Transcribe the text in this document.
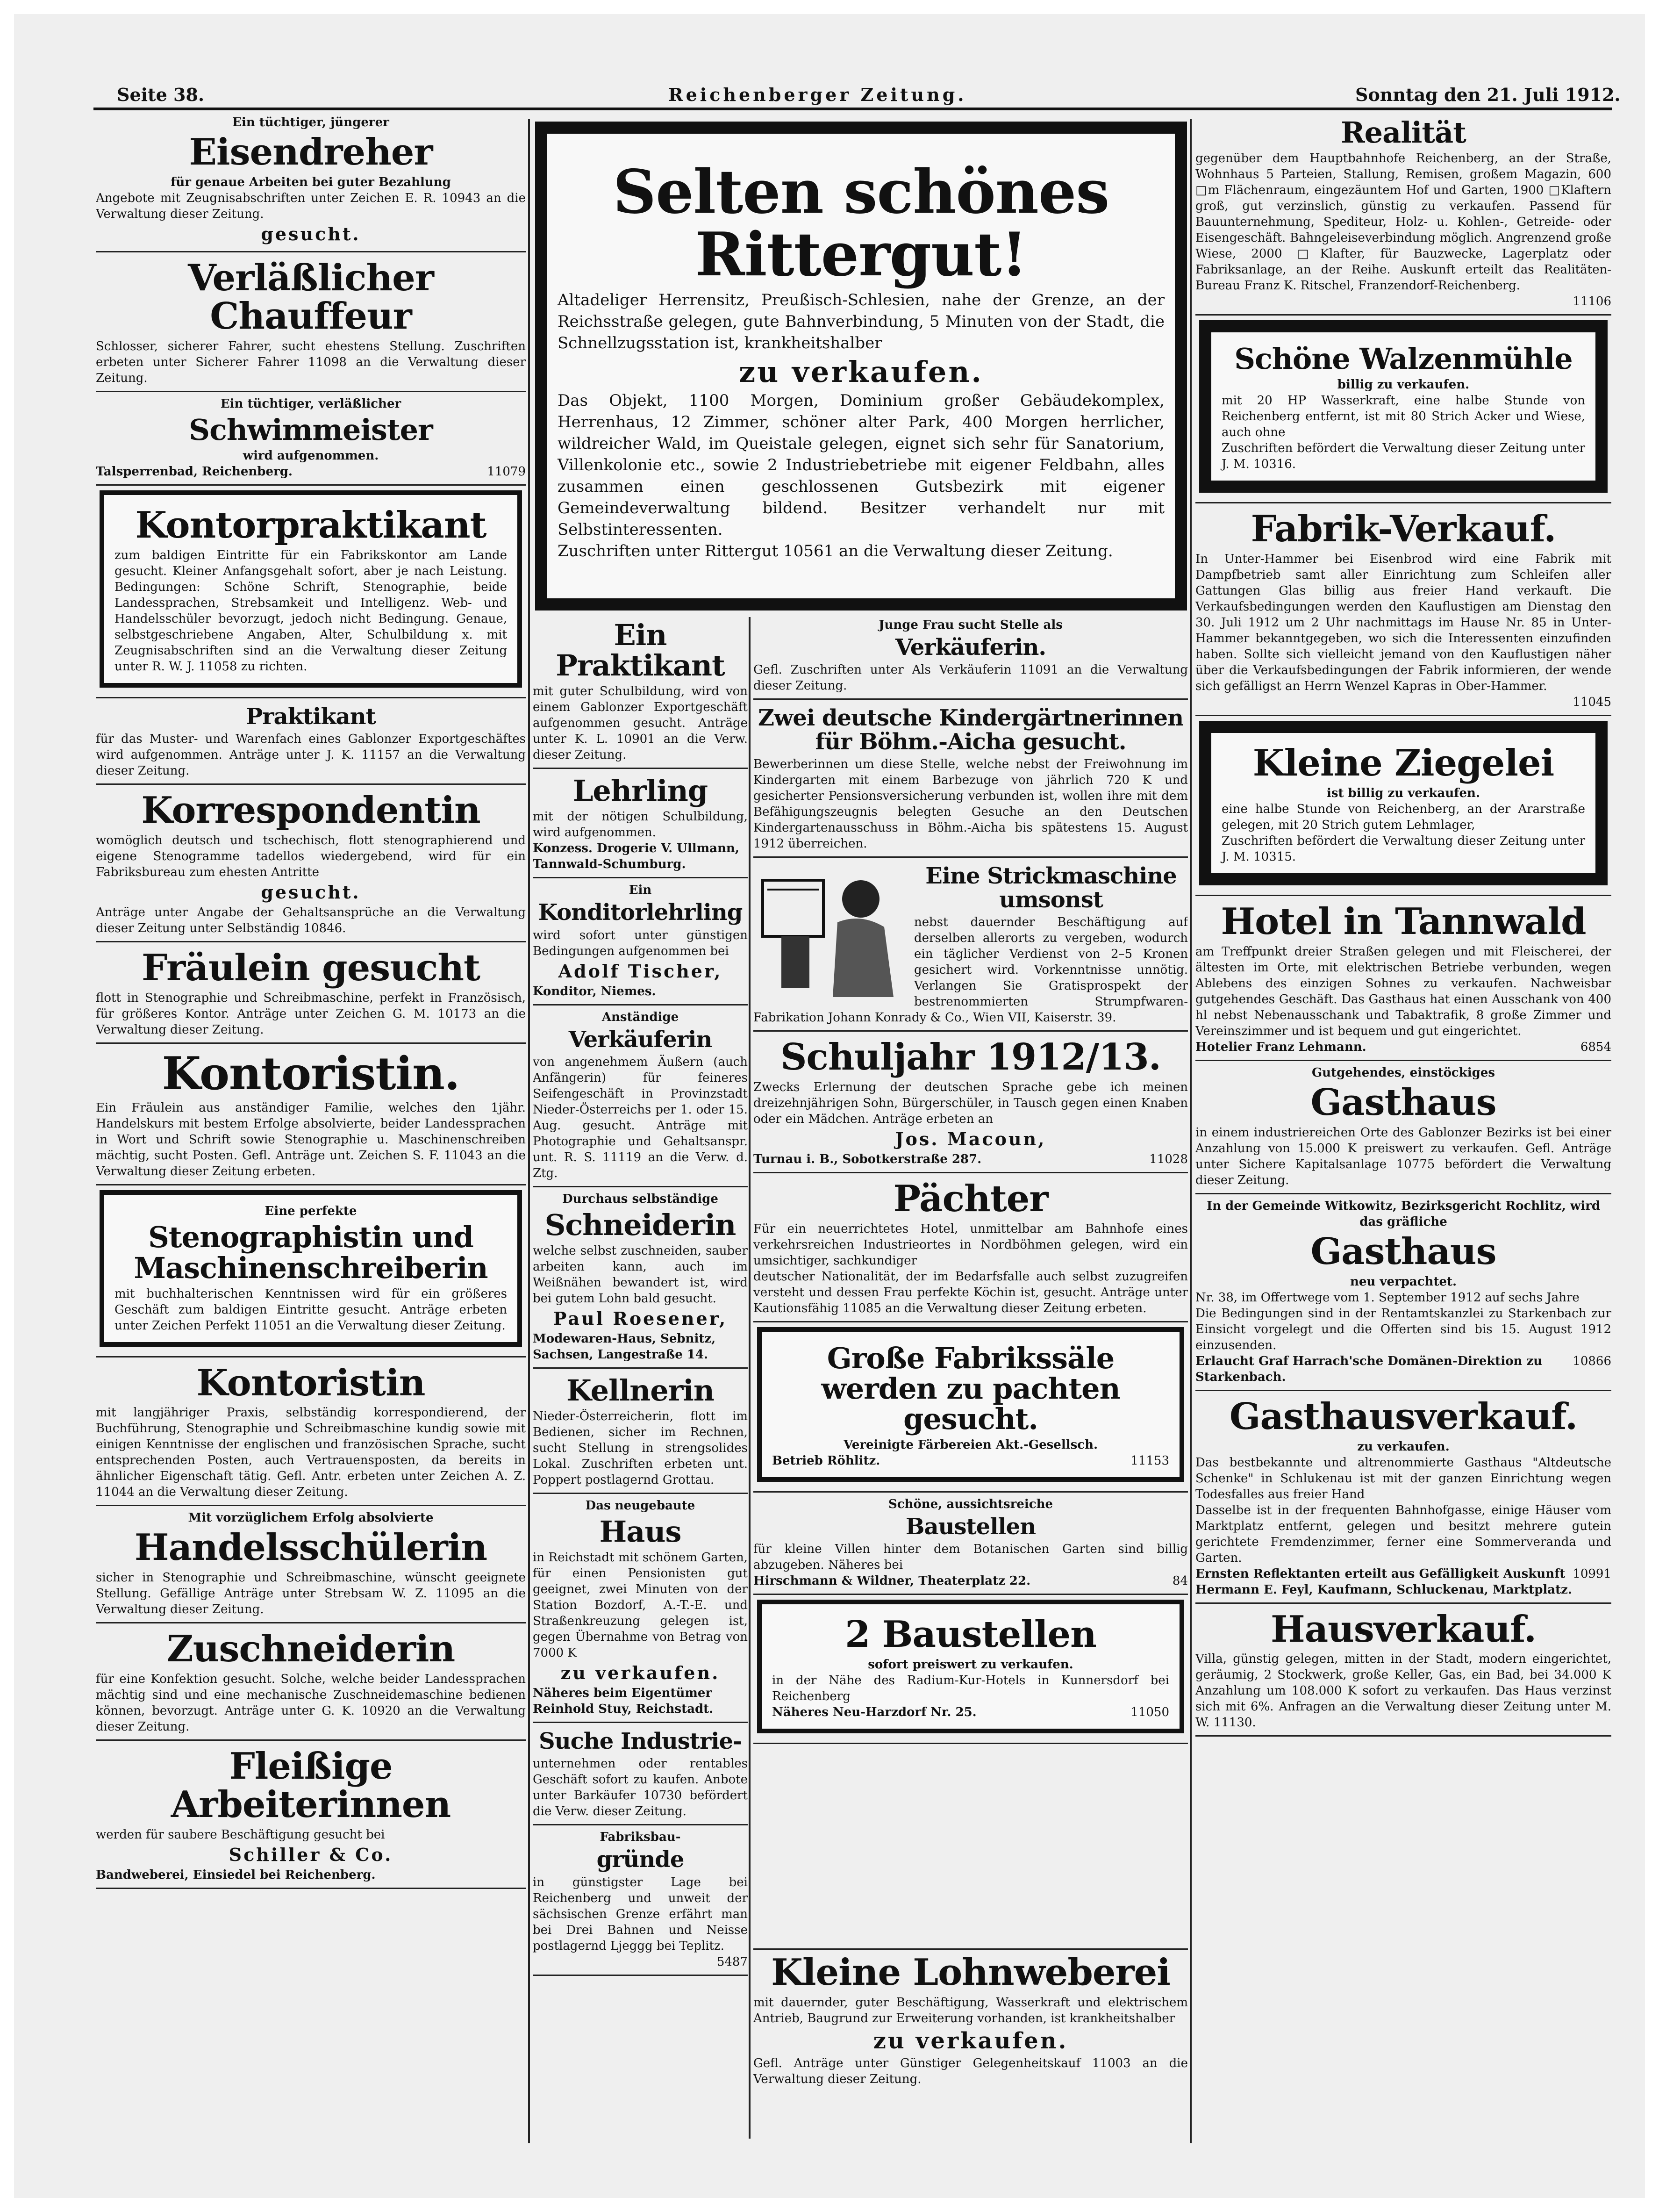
Seite 38.	Reichenberger Zeitung.	Sonntag den 21. Juli 1912.

Ein tüchtiger, jüngerer

Eisendreher

für genaue Arbeiten bei guter Bezahlung

Angebote mit Zeugnisabschriften unter Zeichen E. R. 10943 an die Verwaltung dieser Zeitung.

gesucht.
Verläßlicher Chauffeur

Schlosser, sicherer Fahrer, sucht ehestens Stellung. Zuschriften erbeten unter Sicherer Fahrer 11098 an die Verwaltung dieser Zeitung.

Ein tüchtiger, verläßlicher

Schwimmeister

wird aufgenommen.

Talsperrenbad, Reichenberg.	11079
Kontorpraktikant

zum baldigen Eintritte für ein Fabrikskontor am Lande gesucht. Kleiner Anfangsgehalt sofort, aber je nach Leistung. Bedingungen: Schöne Schrift, Stenographie, beide Landessprachen, Strebsamkeit und Intelligenz. Web- und Handelsschüler bevorzugt, jedoch nicht Bedingung. Genaue, selbstgeschriebene Angaben, Alter, Schulbildung x. mit Zeugnisabschriften sind an die Verwaltung dieser Zeitung unter R. W. J. 11058 zu richten.

Praktikant

für das Muster- und Warenfach eines Gablonzer Exportgeschäftes wird aufgenommen. Anträge unter J. K. 11157 an die Verwaltung dieser Zeitung.

Korrespondentin

womöglich deutsch und tschechisch, flott stenographierend und eigene Stenogramme tadellos wiedergebend, wird für ein Fabriksbureau zum ehesten Antritte

gesucht.

Anträge unter Angabe der Gehaltsansprüche an die Verwaltung dieser Zeitung unter Selbständig 10846.

Fräulein gesucht

flott in Stenographie und Schreibmaschine, perfekt in Französisch, für größeres Kontor. Anträge unter Zeichen G. M. 10173 an die Verwaltung dieser Zeitung.

Kontoristin.

Ein Fräulein aus anständiger Familie, welches den 1jähr. Handelskurs mit bestem Erfolge absolvierte, beider Landessprachen in Wort und Schrift sowie Stenographie u. Maschinenschreiben mächtig, sucht Posten. Gefl. Anträge unt. Zeichen S. F. 11043 an die Verwaltung dieser Zeitung erbeten.

Eine perfekte

Stenographistin und Maschinenschreiberin

mit buchhalterischen Kenntnissen wird für ein größeres Geschäft zum baldigen Eintritte gesucht. Anträge erbeten unter Zeichen Perfekt 11051 an die Verwaltung dieser Zeitung.

Kontoristin

mit langjähriger Praxis, selbständig korrespondierend, der Buchführung, Stenographie und Schreibmaschine kundig sowie mit einigen Kenntnisse der englischen und französischen Sprache, sucht entsprechenden Posten, auch Vertrauensposten, da bereits in ähnlicher Eigenschaft tätig. Gefl. Antr. erbeten unter Zeichen A. Z. 11044 an die Verwaltung dieser Zeitung.

Mit vorzüglichem Erfolg absolvierte

Handelsschülerin

sicher in Stenographie und Schreibmaschine, wünscht geeignete Stellung. Gefällige Anträge unter Strebsam W. Z. 11095 an die Verwaltung dieser Zeitung.

Zuschneiderin

für eine Konfektion gesucht. Solche, welche beider Landessprachen mächtig sind und eine mechanische Zuschneidemaschine bedienen können, bevorzugt. Anträge unter G. K. 10920 an die Verwaltung dieser Zeitung.

Fleißige Arbeiterinnen

werden für saubere Beschäftigung gesucht bei

Schiller & Co.
Bandweberei, Einsiedel bei Reichenberg.
Selten schönes Rittergut!

Altadeliger Herrensitz, Preußisch-Schlesien, nahe der Grenze, an der Reichsstraße gelegen, gute Bahnverbindung, 5 Minuten von der Stadt, die Schnellzugsstation ist, krankheitshalber

zu verkaufen.

Das Objekt, 1100 Morgen, Dominium großer Gebäudekomplex, Herrenhaus, 12 Zimmer, schöner alter Park, 400 Morgen herrlicher, wildreicher Wald, im Queistale gelegen, eignet sich sehr für Sanatorium, Villenkolonie etc., sowie 2 Industriebetriebe mit eigener Feldbahn, alles zusammen einen geschlossenen Gutsbezirk mit eigener Gemeindeverwaltung bildend. Besitzer verhandelt nur mit Selbstinteressenten.

Zuschriften unter Rittergut 10561 an die Verwaltung dieser Zeitung.

Ein Praktikant

mit guter Schulbildung, wird von einem Gablonzer Exportgeschäft aufgenommen gesucht. Anträge unter K. L. 10901 an die Verw. dieser Zeitung.

Lehrling

mit der nötigen Schulbildung, wird aufgenommen.

Konzess. Drogerie V. Ullmann, Tannwald-Schumburg.

Ein

Konditorlehrling

wird sofort unter günstigen Bedingungen aufgenommen bei

Adolf Tischer,
Konditor, Niemes.

Anständige

Verkäuferin

von angenehmem Äußern (auch Anfängerin) für feineres Seifengeschäft in Provinzstadt Nieder-Österreichs per 1. oder 15. Aug. gesucht. Anträge mit Photographie und Gehaltsanspr. unt. R. S. 11119 an die Verw. d. Ztg.

Durchaus selbständige

Schneiderin

welche selbst zuschneiden, sauber arbeiten kann, auch im Weißnähen bewandert ist, wird bei gutem Lohn bald gesucht.

Paul Roesener,
Modewaren-Haus, Sebnitz, Sachsen, Langestraße 14.
Kellnerin

Nieder-Österreicherin, flott im Bedienen, sicher im Rechnen, sucht Stellung in strengsolides Lokal. Zuschriften erbeten unt. Poppert postlagernd Grottau.

Das neugebaute

Haus

in Reichstadt mit schönem Garten, für einen Pensionisten gut geeignet, zwei Minuten von der Station Bozdorf, A.-T.-E. und Straßenkreuzung gelegen ist, gegen Übernahme von Betrag von 7000 K

zu verkaufen.
Näheres beim Eigentümer Reinhold Stuy, Reichstadt.
Suche Industrie-

unternehmen oder rentables Geschäft sofort zu kaufen. Anbote unter Barkäufer 10730 befördert die Verw. dieser Zeitung.

Fabriksbau-

gründe

in günstigster Lage bei Reichenberg und unweit der sächsischen Grenze erfährt man bei Drei Bahnen und Neisse postlagernd Ljeggg bei Teplitz.

5487

Junge Frau sucht Stelle als

Verkäuferin.

Gefl. Zuschriften unter Als Verkäuferin 11091 an die Verwaltung dieser Zeitung.

Zwei deutsche Kindergärtnerinnen für Böhm.-Aicha gesucht.

Bewerberinnen um diese Stelle, welche nebst der Freiwohnung im Kindergarten mit einem Barbezuge von jährlich 720 K und gesicherter Pensionsversicherung verbunden ist, wollen ihre mit dem Befähigungszeugnis belegten Gesuche an den Deutschen Kindergartenausschuss in Böhm.-Aicha bis spätestens 15. August 1912 überreichen.

Eine Strickmaschine umsonst

nebst dauernder Beschäftigung auf derselben allerorts zu vergeben, wodurch ein täglicher Verdienst von 2–5 Kronen gesichert wird. Vorkenntnisse unnötig. Verlangen Sie Gratisprospekt der bestrenommierten Strumpfwaren-Fabrikation Johann Konrady & Co., Wien VII, Kaiserstr. 39.

Schuljahr 1912/13.

Zwecks Erlernung der deutschen Sprache gebe ich meinen dreizehnjährigen Sohn, Bürgerschüler, in Tausch gegen einen Knaben oder ein Mädchen. Anträge erbeten an

Jos. Macoun,
Turnau i. B., Sobotkerstraße 287.	11028
Pächter

Für ein neuerrichtetes Hotel, unmittelbar am Bahnhofe eines verkehrsreichen Industrieortes in Nordböhmen gelegen, wird ein umsichtiger, sachkundiger

deutscher Nationalität, der im Bedarfsfalle auch selbst zuzugreifen versteht und dessen Frau perfekte Köchin ist, gesucht. Anträge unter Kautionsfähig 11085 an die Verwaltung dieser Zeitung erbeten.

Große Fabrikssäle werden zu pachten gesucht.

Vereinigte Färbereien Akt.-Gesellsch.

Betrieb Röhlitz.	11153

Schöne, aussichtsreiche

Baustellen

für kleine Villen hinter dem Botanischen Garten sind billig abzugeben. Näheres bei

Hirschmann & Wildner, Theaterplatz 22.	84
2 Baustellen

sofort preiswert zu verkaufen.

in der Nähe des Radium-Kur-Hotels in Kunnersdorf bei Reichenberg

Näheres Neu-Harzdorf Nr. 25.	11050
Kleine Lohnweberei

mit dauernder, guter Beschäftigung, Wasserkraft und elektrischem Antrieb, Baugrund zur Erweiterung vorhanden, ist krankheitshalber

zu verkaufen.

Gefl. Anträge unter Günstiger Gelegenheitskauf 11003 an die Verwaltung dieser Zeitung.

Realität

gegenüber dem Hauptbahnhofe Reichenberg, an der Straße, Wohnhaus 5 Parteien, Stallung, Remisen, großem Magazin, 600 □m Flächenraum, eingezäuntem Hof und Garten, 1900 □Klaftern groß, gut verzinslich, günstig zu verkaufen. Passend für Bauunternehmung, Spediteur, Holz- u. Kohlen-, Getreide- oder Eisengeschäft. Bahngeleiseverbindung möglich. Angrenzend große Wiese, 2000 □Klafter, für Bauzwecke, Lagerplatz oder Fabriksanlage, an der Reihe. Auskunft erteilt das Realitäten-Bureau Franz K. Ritschel, Franzendorf-Reichenberg.

11106
Schöne Walzenmühle

billig zu verkaufen.

mit 20 HP Wasserkraft, eine halbe Stunde von Reichenberg entfernt, ist mit 80 Strich Acker und Wiese, auch ohne

Zuschriften befördert die Verwaltung dieser Zeitung unter J. M. 10316.

Fabrik-Verkauf.

In Unter-Hammer bei Eisenbrod wird eine Fabrik mit Dampfbetrieb samt aller Einrichtung zum Schleifen aller Gattungen Glas billig aus freier Hand verkauft. Die Verkaufsbedingungen werden den Kauflustigen am Dienstag den 30. Juli 1912 um 2 Uhr nachmittags im Hause Nr. 85 in Unter-Hammer bekanntgegeben, wo sich die Interessenten einzufinden haben. Sollte sich vielleicht jemand von den Kauflustigen näher über die Verkaufsbedingungen der Fabrik informieren, der wende sich gefälligst an Herrn Wenzel Kapras in Ober-Hammer.

11045
Kleine Ziegelei

ist billig zu verkaufen.

eine halbe Stunde von Reichenberg, an der Ararstraße gelegen, mit 20 Strich gutem Lehmlager,

Zuschriften befördert die Verwaltung dieser Zeitung unter J. M. 10315.

Hotel in Tannwald

am Treffpunkt dreier Straßen gelegen und mit Fleischerei, der ältesten im Orte, mit elektrischen Betriebe verbunden, wegen Ablebens des einzigen Sohnes zu verkaufen. Nachweisbar gutgehendes Geschäft. Das Gasthaus hat einen Ausschank von 400 hl nebst Nebenausschank und Tabaktrafik, 8 große Zimmer und Vereinszimmer und ist bequem und gut eingerichtet.

Hotelier Franz Lehmann.	6854

Gutgehendes, einstöckiges

Gasthaus

in einem industriereichen Orte des Gablonzer Bezirks ist bei einer Anzahlung von 15.000 K preiswert zu verkaufen. Gefl. Anträge unter Sichere Kapitalsanlage 10775 befördert die Verwaltung dieser Zeitung.

In der Gemeinde Witkowitz, Bezirksgericht Rochlitz, wird das gräfliche

Gasthaus

neu verpachtet.

Nr. 38, im Offertwege vom 1. September 1912 auf sechs Jahre

Die Bedingungen sind in der Rentamtskanzlei zu Starkenbach zur Einsicht vorgelegt und die Offerten sind bis 15. August 1912 einzusenden.

Erlaucht Graf Harrach'sche Domänen-Direktion zu Starkenbach.
10866
Gasthausverkauf.

zu verkaufen.

Das bestbekannte und altrenommierte Gasthaus "Altdeutsche Schenke" in Schlukenau ist mit der ganzen Einrichtung wegen Todesfalles aus freier Hand

Dasselbe ist in der frequenten Bahnhofgasse, einige Häuser vom Marktplatz entfernt, gelegen und besitzt mehrere gutein gerichtete Fremdenzimmer, ferner eine Sommerveranda und Garten.

Ernsten Reflektanten erteilt aus Gefälligkeit Auskunft Hermann E. Feyl, Kaufmann, Schluckenau, Marktplatz.
10991
Hausverkauf.

Villa, günstig gelegen, mitten in der Stadt, modern eingerichtet, geräumig, 2 Stockwerk, große Keller, Gas, ein Bad, bei 34.000 K Anzahlung um 108.000 K sofort zu verkaufen. Das Haus verzinst sich mit 6%. Anfragen an die Verwaltung dieser Zeitung unter M. W. 11130.
